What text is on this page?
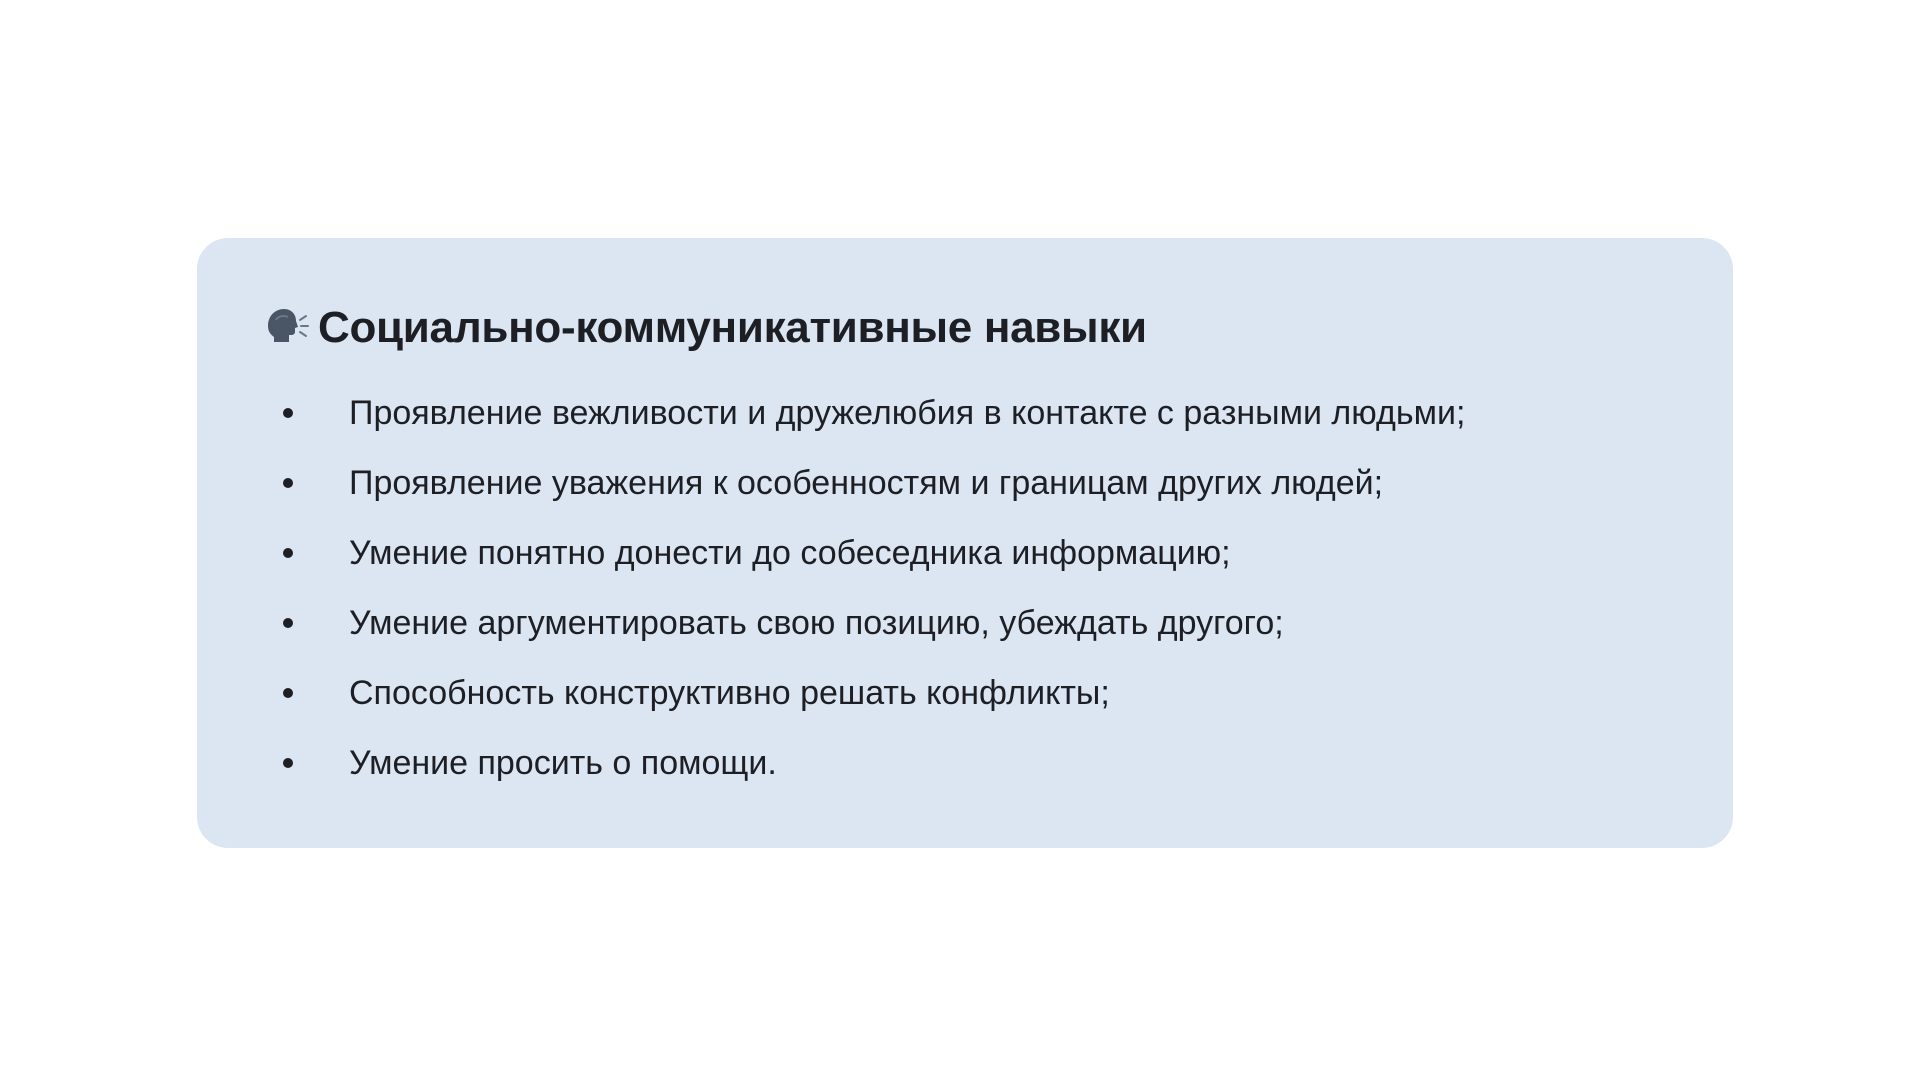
Социально-коммуникативные навыки
Проявление вежливости и дружелюбия в контакте с разными людьми;
Проявление уважения к особенностям и границам других людей;
Умение понятно донести до собеседника информацию;
Умение аргументировать свою позицию, убеждать другого;
Способность конструктивно решать конфликты;
Умение просить о помощи.
